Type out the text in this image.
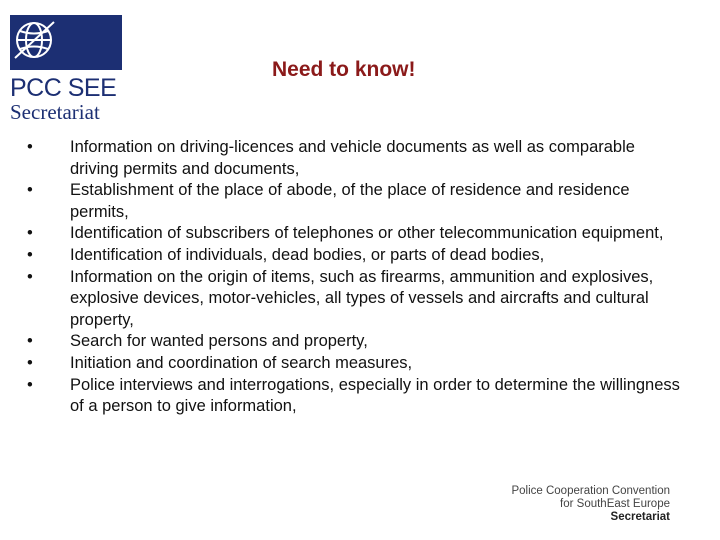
PCC SEE
Secretariat
Need to know!
•	Information on driving-licences and vehicle documents as well as comparable driving permits and documents,
•	Establishment of the place of abode, of the place of residence and residence permits,
•	Identification of subscribers of telephones or other telecommunication equipment,
•	Identification of individuals, dead bodies, or parts of dead bodies,
•	Information on the origin of items, such as firearms, ammunition and explosives, explosive devices, motor-vehicles, all types of vessels and aircrafts and cultural property,
•	Search for wanted persons and property,
•	Initiation and coordination of search measures,
•	Police interviews and interrogations, especially in order to determine the willingness of a person to give information,
Police Cooperation Convention
for SouthEast Europe
Secretariat
